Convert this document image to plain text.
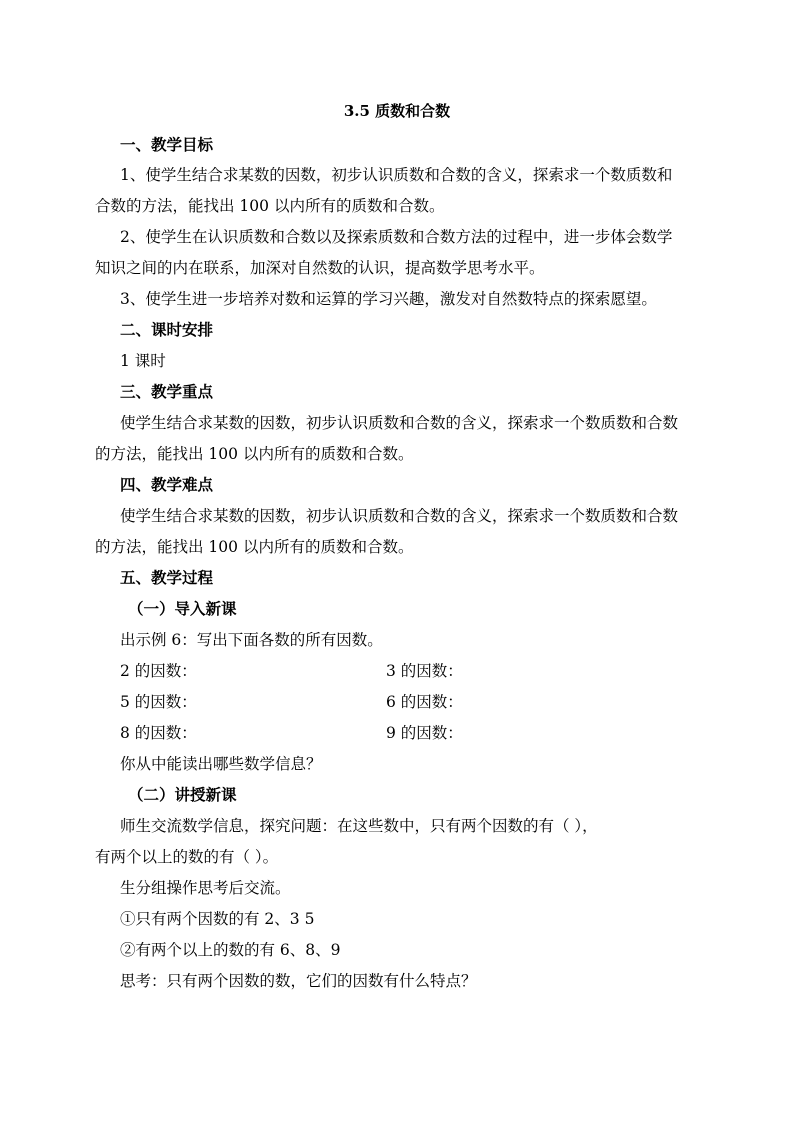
3.5 质数和合数
一、教学目标
1、使学生结合求某数的因数，初步认识质数和合数的含义，探索求一个数质数和
合数的方法，能找出 100 以内所有的质数和合数。
2、使学生在认识质数和合数以及探索质数和合数方法的过程中，进一步体会数学
知识之间的内在联系，加深对自然数的认识，提高数学思考水平。
3、使学生进一步培养对数和运算的学习兴趣，激发对自然数特点的探索愿望。
二、课时安排
1 课时
三、教学重点
使学生结合求某数的因数，初步认识质数和合数的含义，探索求一个数质数和合数
的方法，能找出 100 以内所有的质数和合数。
四、教学难点
使学生结合求某数的因数，初步认识质数和合数的含义，探索求一个数质数和合数
的方法，能找出 100 以内所有的质数和合数。
五、教学过程
（一）导入新课
出示例 6：写出下面各数的所有因数。
2 的因数：	3 的因数：
5 的因数：	6 的因数：
8 的因数：	9 的因数：
你从中能读出哪些数学信息？
（二）讲授新课
师生交流数学信息，探究问题：在这些数中，只有两个因数的有（ ），
有两个以上的数的有（ ）。
生分组操作思考后交流。
①只有两个因数的有 2、3 5
②有两个以上的数的有 6、8、9
思考：只有两个因数的数，它们的因数有什么特点？
